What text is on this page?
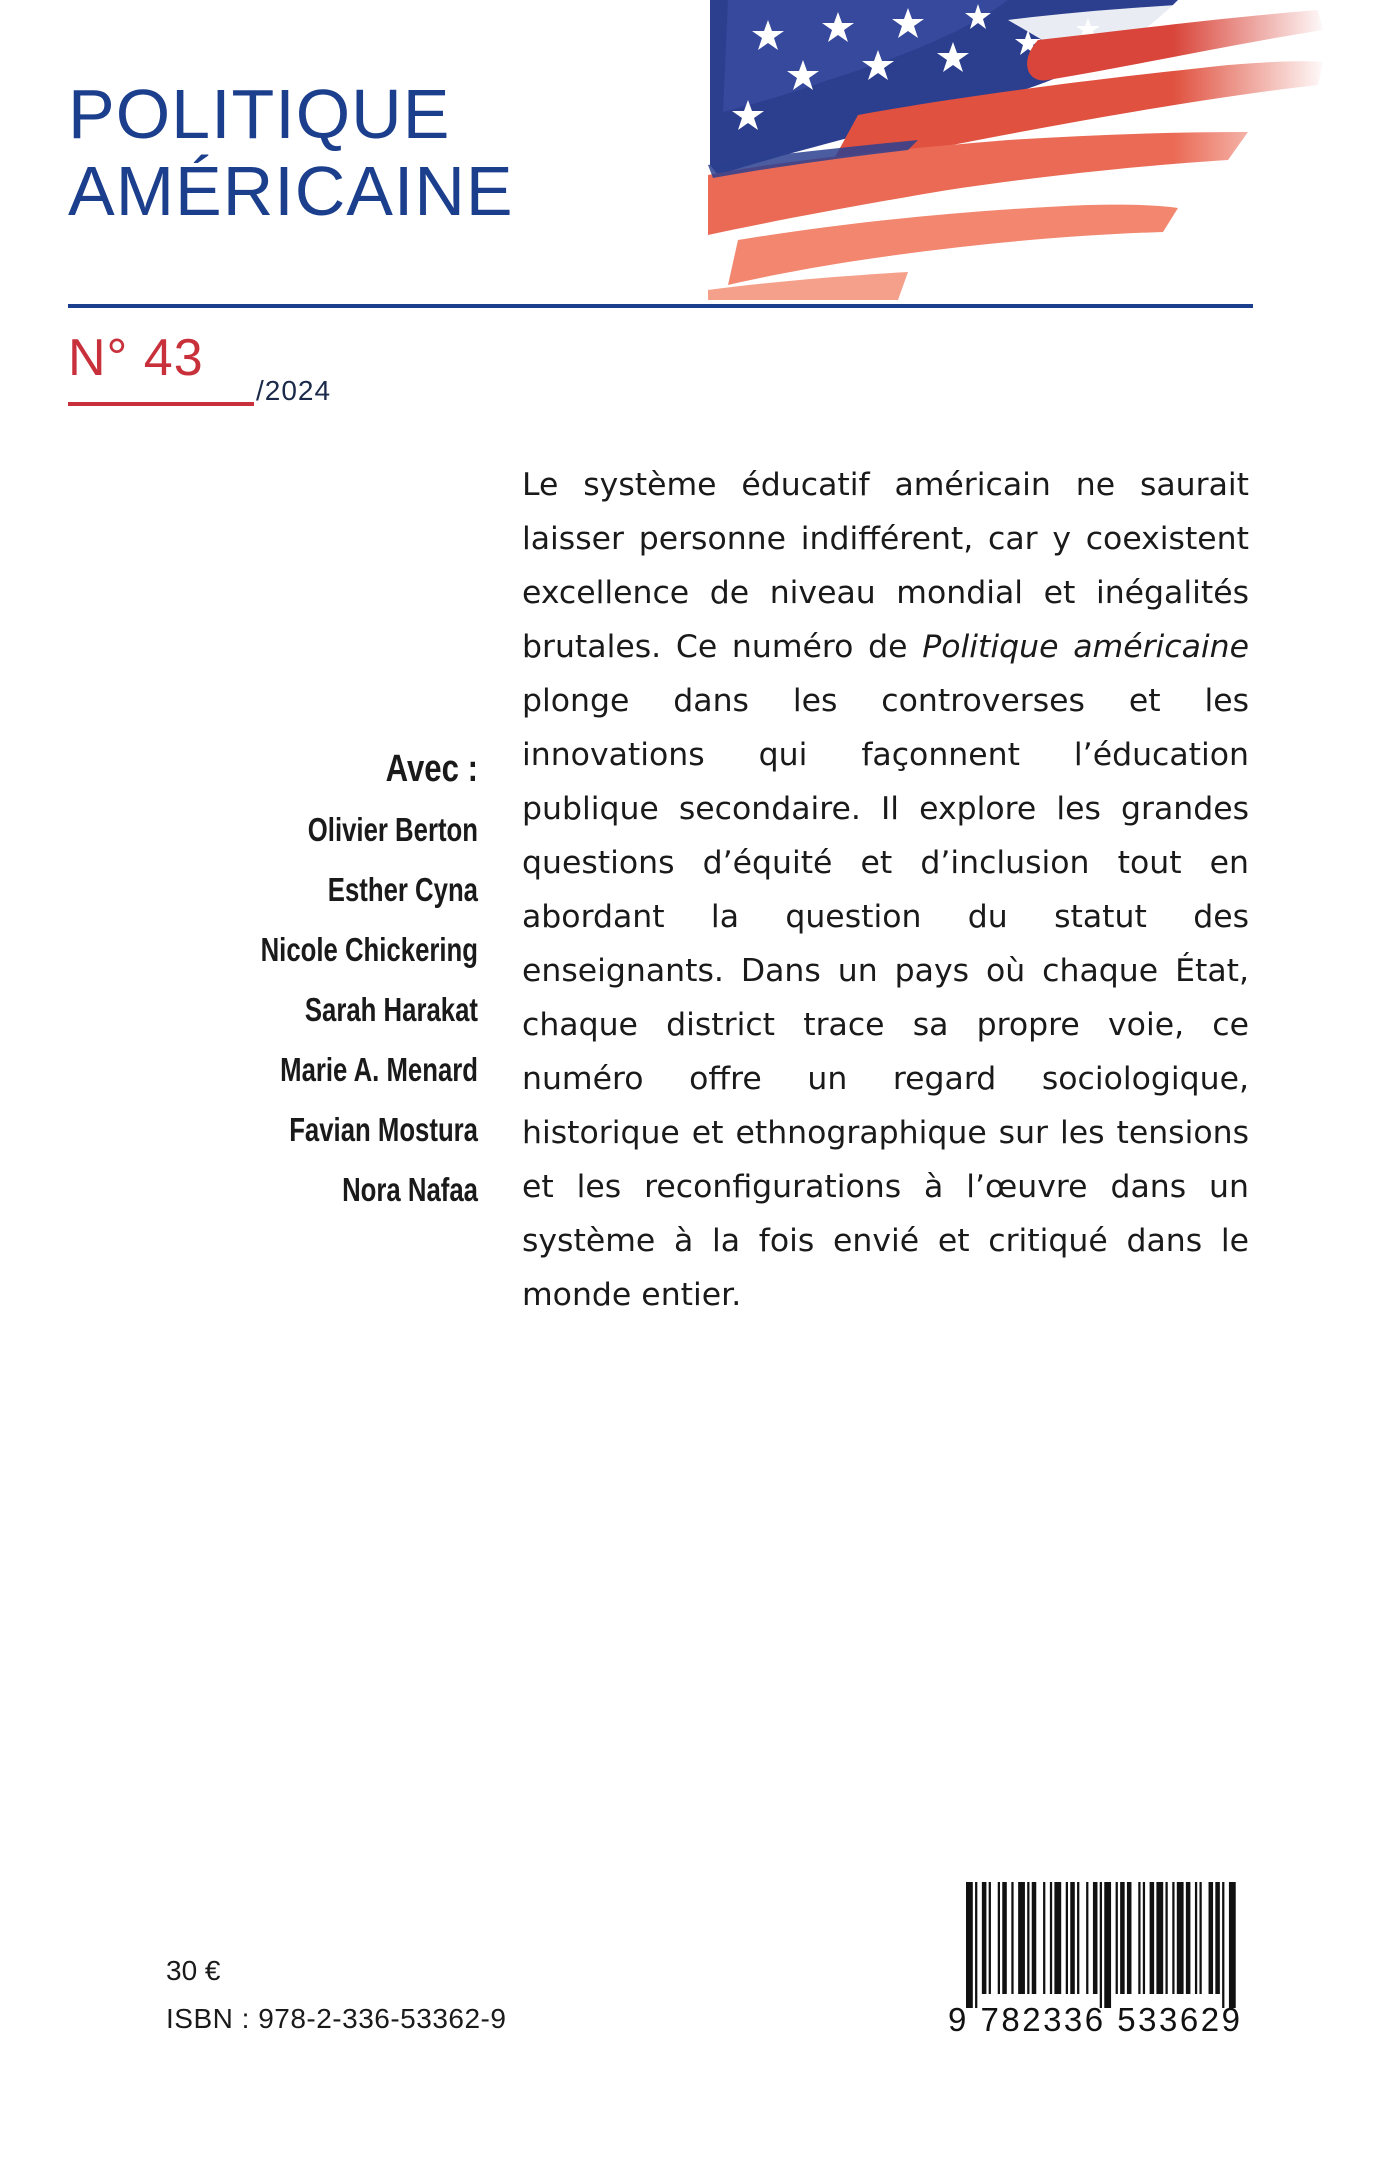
POLITIQUE
AMÉRICAINE
N° 43
/2024
Avec :
Olivier Berton
Esther Cyna
Nicole Chickering
Sarah Harakat
Marie A. Menard
Favian Mostura
Nora Nafaa

Le système éducatif américain ne saurait laisser personne indifférent, car y coexistent excellence de niveau mondial et inégalités brutales. Ce numéro de Politique américaine plonge dans les controverses et les innovations qui façonnent l’éducation publique secondaire. Il explore les grandes questions d’équité et d’inclusion tout en abordant la question du statut des enseignants. Dans un pays où chaque État, chaque district trace sa propre voie, ce numéro offre un regard sociologique, historique et ethnographique sur les tensions et les reconfigurations à l’œuvre dans un système à la fois envié et critiqué dans le monde entier.

30 €
ISBN : 978-2-336-53362-9	9 782336 533629
